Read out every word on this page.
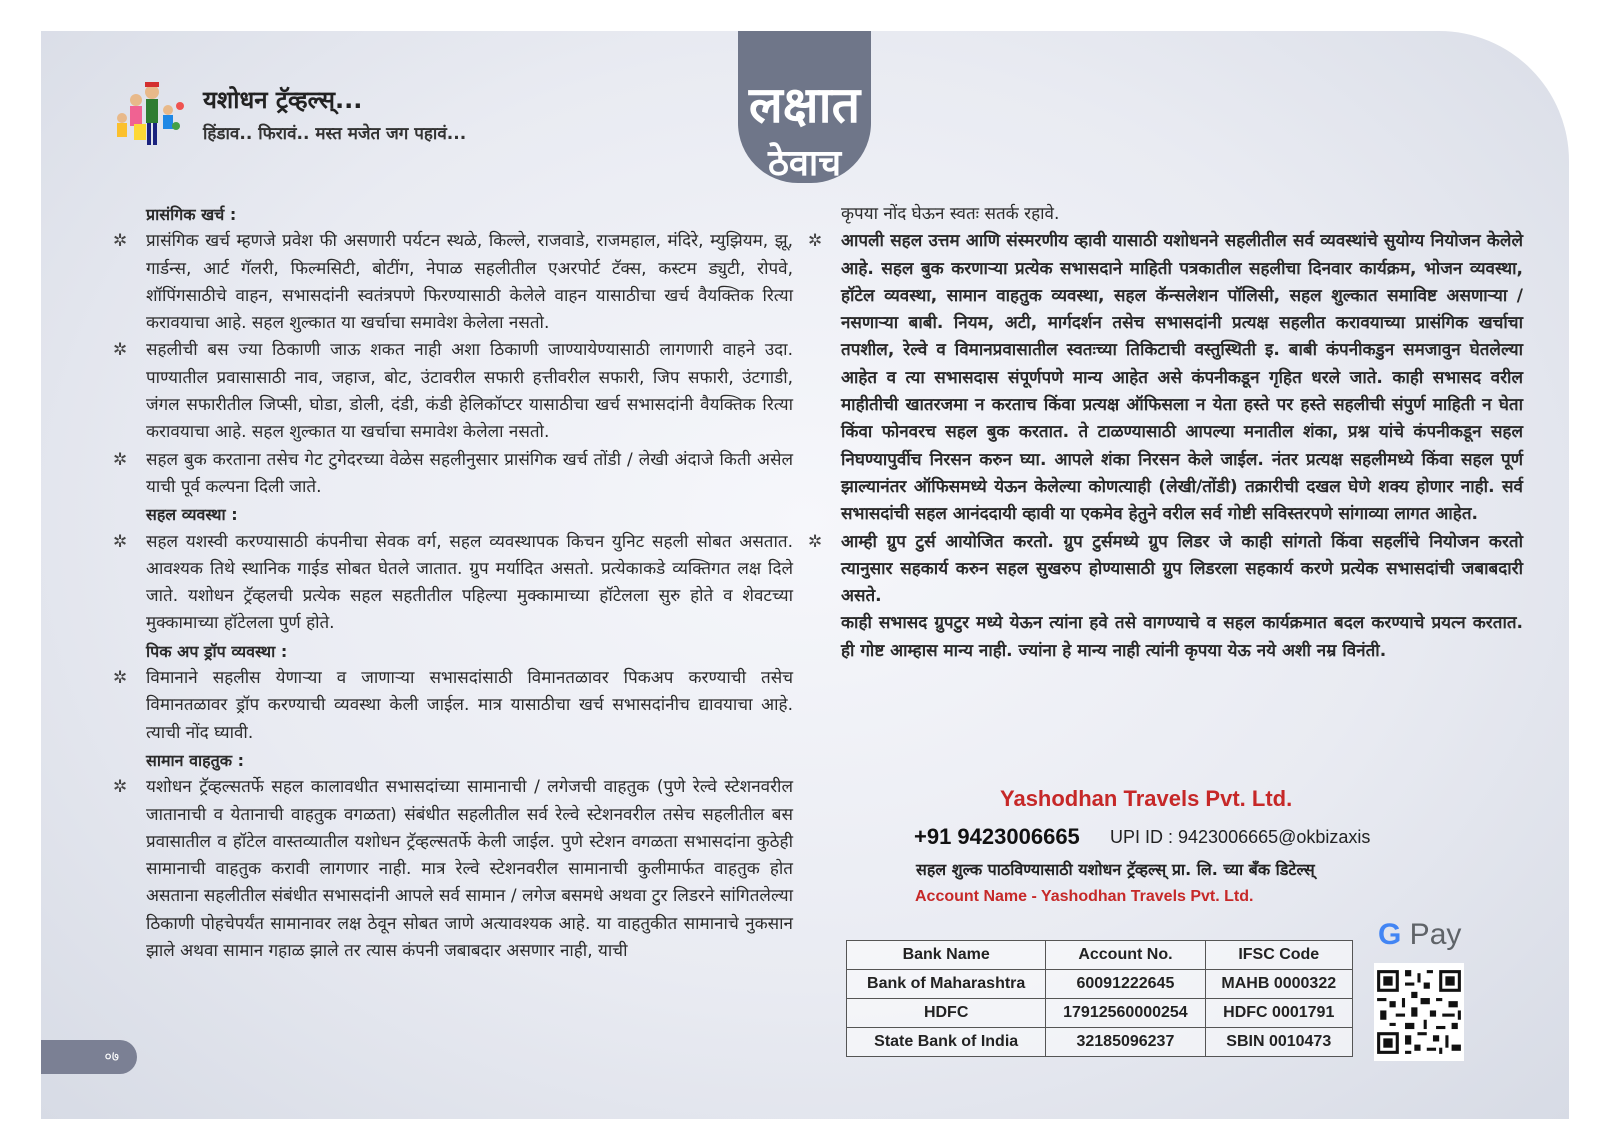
लक्षात
ठेवाच
यशोधन ट्रॅव्हल्स्...
हिंडाव.. फिरावं.. मस्त मजेत जग पहावं...

प्रासंगिक खर्च :

✲ प्रासंगिक खर्च म्हणजे प्रवेश फी असणारी पर्यटन स्थळे, किल्ले, राजवाडे, राजमहाल, मंदिरे, म्युझियम, झू, गार्डन्स, आर्ट गॅलरी, फिल्मसिटी, बोटींग, नेपाळ सहलीतील एअरपोर्ट टॅक्स, कस्टम ड्युटी, रोपवे, शॉपिंगसाठीचे वाहन, सभासदांनी स्वतंत्रपणे फिरण्यासाठी केलेले वाहन यासाठीचा खर्च वैयक्तिक रित्या करावयाचा आहे. सहल शुल्कात या खर्चाचा समावेश केलेला नसतो.

✲ सहलीची बस ज्या ठिकाणी जाऊ शकत नाही अशा ठिकाणी जाण्यायेण्यासाठी लागणारी वाहने उदा. पाण्यातील प्रवासासाठी नाव, जहाज, बोट, उंटावरील सफारी हत्तीवरील सफारी, जिप सफारी, उंटगाडी, जंगल सफारीतील जिप्सी, घोडा, डोली, दंडी, कंडी हेलिकॉप्टर यासाठीचा खर्च सभासदांनी वैयक्तिक रित्या करावयाचा आहे. सहल शुल्कात या खर्चाचा समावेश केलेला नसतो.

✲ सहल बुक करताना तसेच गेट टुगेदरच्या वेळेस सहलीनुसार प्रासंगिक खर्च तोंडी / लेखी अंदाजे किती असेल याची पूर्व कल्पना दिली जाते.

सहल व्यवस्था :

✲ सहल यशस्वी करण्यासाठी कंपनीचा सेवक वर्ग, सहल व्यवस्थापक किचन युनिट सहली सोबत असतात. आवश्यक तिथे स्थानिक गाईड सोबत घेतले जातात. ग्रुप मर्यादित असतो. प्रत्येकाकडे व्यक्तिगत लक्ष दिले जाते. यशोधन ट्रॅव्हलची प्रत्येक सहल सहतीतील पहिल्या मुक्कामाच्या हॉटेलला सुरु होते व शेवटच्या मुक्कामाच्या हॉटेलला पुर्ण होते.

पिक अप ड्रॉप व्यवस्था :

✲ विमानाने सहलीस येणाऱ्या व जाणाऱ्या सभासदांसाठी विमानतळावर पिकअप करण्याची तसेच विमानतळावर ड्रॉप करण्याची व्यवस्था केली जाईल. मात्र यासाठीचा खर्च सभासदांनीच द्यावयाचा आहे. त्याची नोंद घ्यावी.

सामान वाहतुक :

✲ यशोधन ट्रॅव्हल्सतर्फे सहल कालावधीत सभासदांच्या सामानाची / लगेजची वाहतुक (पुणे रेल्वे स्टेशनवरील जातानाची व येतानाची वाहतुक वगळता) संबंधीत सहलीतील सर्व रेल्वे स्टेशनवरील तसेच सहलीतील बस प्रवासातील व हॉटेल वास्तव्यातील यशोधन ट्रॅव्हल्सतर्फे केली जाईल. पुणे स्टेशन वगळता सभासदांना कुठेही सामानाची वाहतुक करावी लागणार नाही. मात्र रेल्वे स्टेशनवरील सामानाची कुलीमार्फत वाहतुक होत असताना सहलीतील संबंधीत सभासदांनी आपले सर्व सामान / लगेज बसमधे अथवा टुर लिडरने सांगितलेल्या ठिकाणी पोहचेपर्यंत सामानावर लक्ष ठेवून सोबत जाणे अत्यावश्यक आहे. या वाहतुकीत सामानाचे नुकसान झाले अथवा सामान गहाळ झाले तर त्यास कंपनी जबाबदार असणार नाही, याची

कृपया नोंद घेऊन स्वतः सतर्क रहावे.

✲ आपली सहल उत्तम आणि संस्मरणीय व्हावी यासाठी यशोधनने सहलीतील सर्व व्यवस्थांचे सुयोग्य नियोजन केलेले आहे. सहल बुक करणाऱ्या प्रत्येक सभासदाने माहिती पत्रकातील सहलीचा दिनवार कार्यक्रम, भोजन व्यवस्था, हॉटेल व्यवस्था, सामान वाहतुक व्यवस्था, सहल कॅन्सलेशन पॉलिसी, सहल शुल्कात समाविष्ट असणाऱ्या / नसणाऱ्या बाबी. नियम, अटी, मार्गदर्शन तसेच सभासदांनी प्रत्यक्ष सहलीत करावयाच्या प्रासंगिक खर्चाचा तपशील, रेल्वे व विमानप्रवासातील स्वतःच्या तिकिटाची वस्तुस्थिती इ. बाबी कंपनीकडुन समजावुन घेतलेल्या आहेत व त्या सभासदास संपूर्णपणे मान्य आहेत असे कंपनीकडून गृहित धरले जाते. काही सभासद वरील माहीतीची खातरजमा न करताच किंवा प्रत्यक्ष ऑफिसला न येता हस्ते पर हस्ते सहलीची संपुर्ण माहिती न घेता किंवा फोनवरच सहल बुक करतात. ते टाळण्यासाठी आपल्या मनातील शंका, प्रश्न यांचे कंपनीकडून सहल निघण्यापुर्वीच निरसन करुन घ्या. आपले शंका निरसन केले जाईल. नंतर प्रत्यक्ष सहलीमध्ये किंवा सहल पूर्ण झाल्यानंतर ऑफिसमध्ये येऊन केलेल्या कोणत्याही (लेखी/तोंडी) तक्रारीची दखल घेणे शक्य होणार नाही. सर्व सभासदांची सहल आनंददायी व्हावी या एकमेव हेतुने वरील सर्व गोष्टी सविस्तरपणे सांगाव्या लागत आहेत.

✲ आम्ही ग्रुप टुर्स आयोजित करतो. ग्रुप टुर्समध्ये ग्रुप लिडर जे काही सांगतो किंवा सहलींचे नियोजन करतो त्यानुसार सहकार्य करुन सहल सुखरुप होण्यासाठी ग्रुप लिडरला सहकार्य करणे प्रत्येक सभासदांची जबाबदारी असते.

काही सभासद ग्रुपटुर मध्ये येऊन त्यांना हवे तसे वागण्याचे व सहल कार्यक्रमात बदल करण्याचे प्रयत्न करतात. ही गोष्ट आम्हास मान्य नाही. ज्यांना हे मान्य नाही त्यांनी कृपया येऊ नये अशी नम्र विनंती.

Yashodhan Travels Pvt. Ltd.
+91 9423006665 UPI ID : 9423006665@okbizaxis
सहल शुल्क पाठविण्यासाठी यशोधन ट्रॅव्हल्स् प्रा. लि. च्या बँक डिटेल्स्
Account Name - Yashodhan Travels Pvt. Ltd.
Bank Name	Account No.	IFSC Code
Bank of Maharashtra	60091222645	MAHB 0000322
HDFC	17912560000254	HDFC 0001791
State Bank of India	32185096237	SBIN 0010473
G Pay
०७
